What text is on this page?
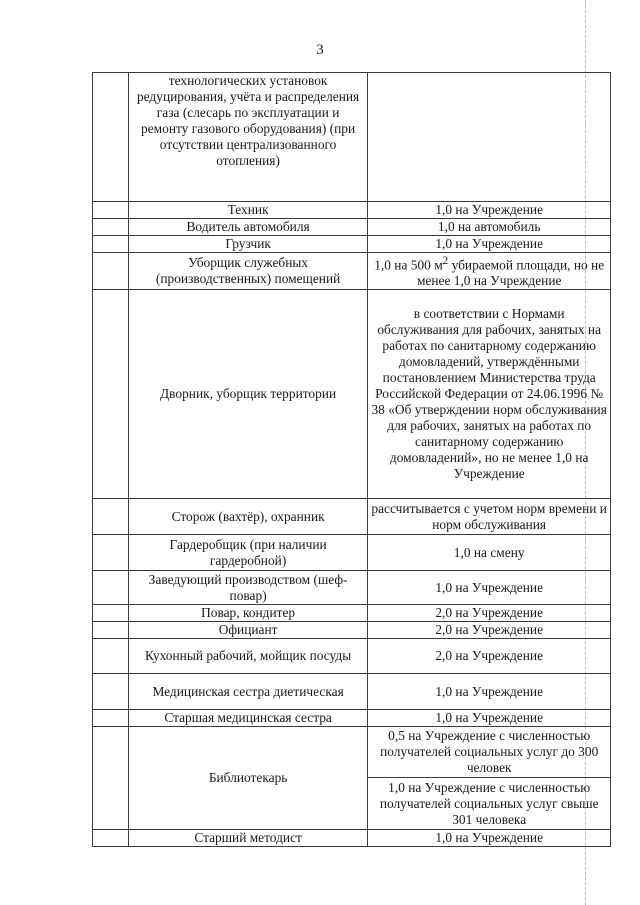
3
	технологических установок редуцирования, учёта и распределения газа (слесарь по эксплуатации и ремонту газового оборудования) (при отсутствии централизованного отопления)	
	Техник	1,0 на Учреждение
	Водитель автомобиля	1,0 на автомобиль
	Грузчик	1,0 на Учреждение
	Уборщик служебных (производственных) помещений	1,0 на 500 $м^2$ убираемой площади, но не менее 1,0 на Учреждение
	Дворник, уборщик территории	в соответствии с Нормами обслуживания для рабочих, занятых на работах по санитарному содержанию домовладений, утверждёнными постановлением Министерства труда Российской Федерации от 24.06.1996 № 38 «Об утверждении норм обслуживания для рабочих, занятых на работах по санитарному содержанию домовладений», но не менее 1,0 на Учреждение
	Сторож (вахтёр), охранник	рассчитывается с учетом норм времени и норм обслуживания
	Гардеробщик (при наличии гардеробной)	1,0 на смену
	Заведующий производством (шеф-повар)	1,0 на Учреждение
	Повар, кондитер	2,0 на Учреждение
	Официант	2,0 на Учреждение
	Кухонный рабочий, мойщик посуды	2,0 на Учреждение
	Медицинская сестра диетическая	1,0 на Учреждение
	Старшая медицинская сестра	1,0 на Учреждение
	Библиотекарь	0,5 на Учреждение с численностью получателей социальных услуг до 300 человек
		1,0 на Учреждение с численностью получателей социальных услуг свыше 301 человека
	Старший методист	1,0 на Учреждение
